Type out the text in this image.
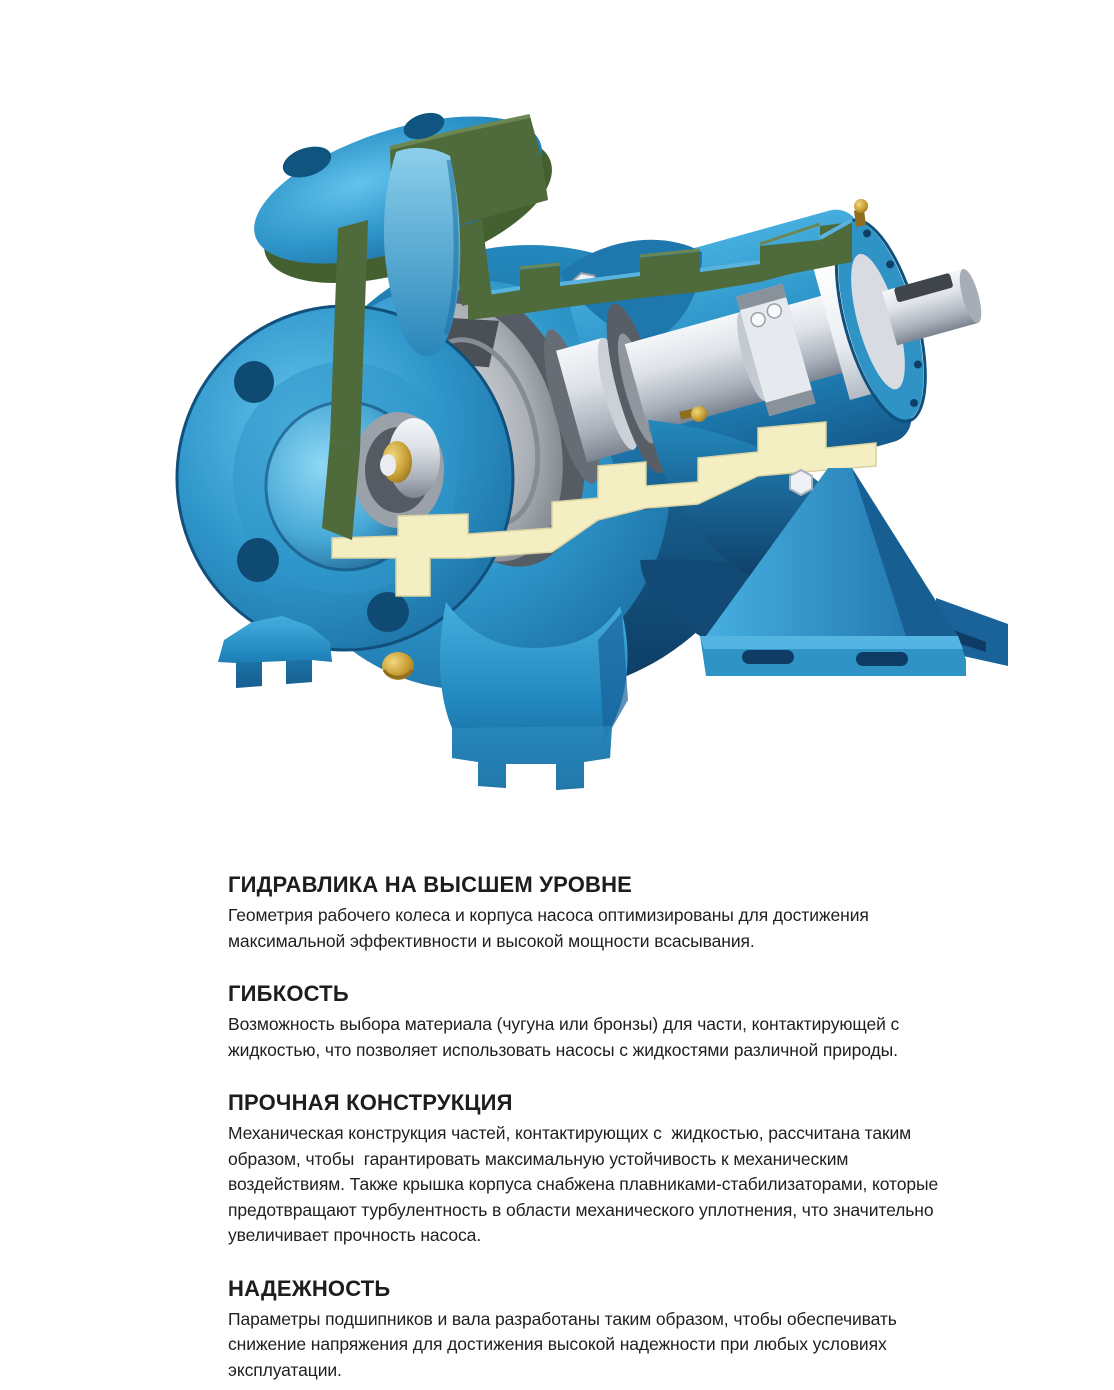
ГИДРАВЛИКА НА ВЫСШЕМ УРОВНЕ

Геометрия рабочего колеса и корпуса насоса оптимизированы для достижения максимальной эффективности и высокой мощности всасывания.

ГИБКОСТЬ

Возможность выбора материала (чугуна или бронзы) для части, контактирующей с жидкостью, что позволяет использовать насосы с жидкостями различной природы.

ПРОЧНАЯ КОНСТРУКЦИЯ

Механическая конструкция частей, контактирующих с  жидкостью, рассчитана таким образом, чтобы  гарантировать максимальную устойчивость к механическим воздействиям. Также крышка корпуса снабжена плавниками-стабилизаторами, которые предотвращают турбулентность в области механического уплотнения, что значительно увеличивает прочность насоса.

НАДЕЖНОСТЬ

Параметры подшипников и вала разработаны таким образом, чтобы обеспечивать снижение напряжения для достижения высокой надежности при любых условиях эксплуатации.
